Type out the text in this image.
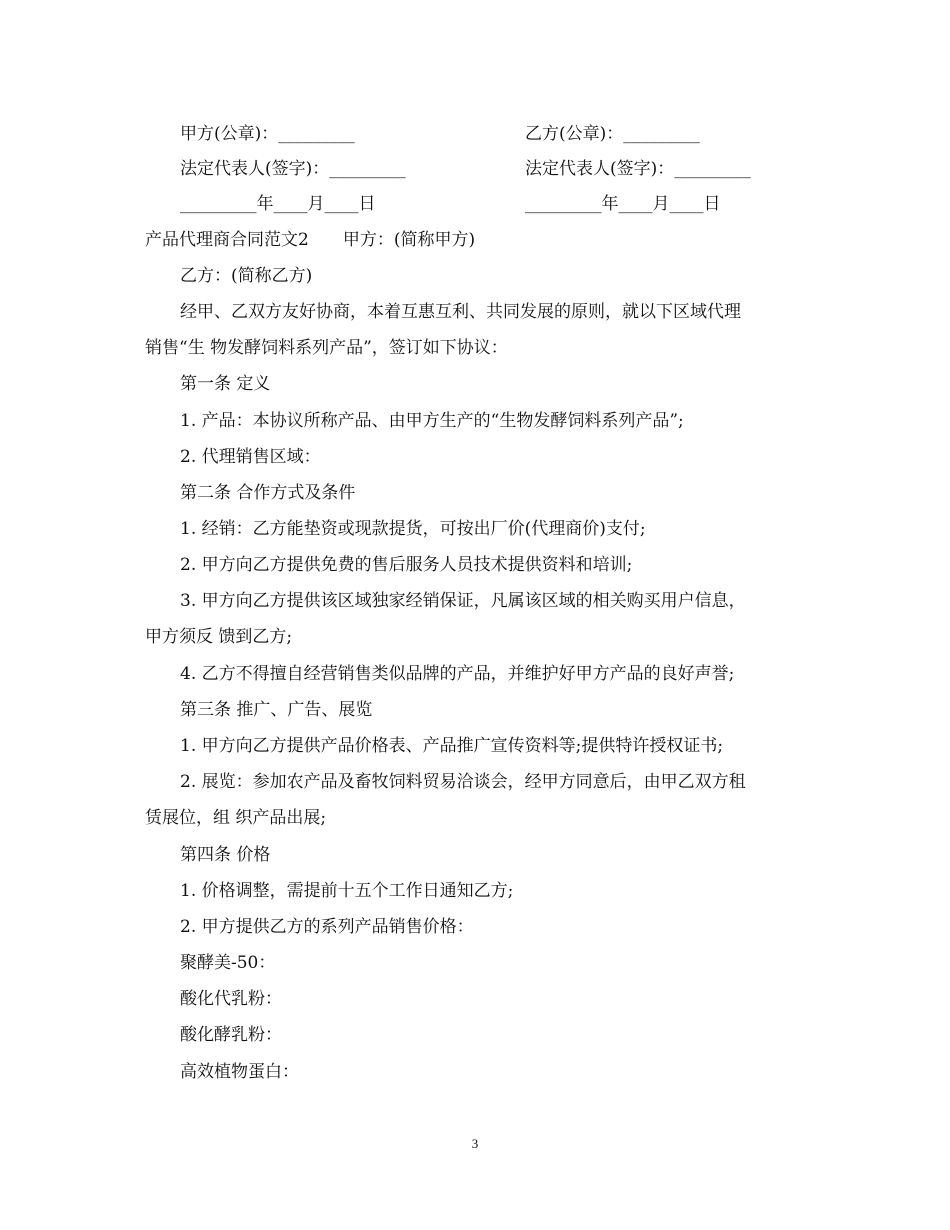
甲方(公章)：_________	乙方(公章)：_________
法定代表人(签字)：_________	法定代表人(签字)：_________
_________年____月____日	_________年____月____日
产品代理商合同范文2　　甲方：(简称甲方)
乙方：(简称乙方)
经甲、乙双方友好协商，本着互惠互利、共同发展的原则，就以下区域代理
销售“生 物发酵饲料系列产品”，签订如下协议：
第一条 定义
1. 产品：本协议所称产品、由甲方生产的“生物发酵饲料系列产品”;
2. 代理销售区域：
第二条 合作方式及条件
1. 经销：乙方能垫资或现款提货，可按出厂价(代理商价)支付;
2. 甲方向乙方提供免费的售后服务人员技术提供资料和培训;
3. 甲方向乙方提供该区域独家经销保证，凡属该区域的相关购买用户信息，
甲方须反 馈到乙方;
4. 乙方不得擅自经营销售类似品牌的产品，并维护好甲方产品的良好声誉;
第三条 推广、广告、展览
1. 甲方向乙方提供产品价格表、产品推广宣传资料等;提供特许授权证书;
2. 展览：参加农产品及畜牧饲料贸易洽谈会，经甲方同意后，由甲乙双方租
赁展位，组 织产品出展;
第四条 价格
1. 价格调整，需提前十五个工作日通知乙方;
2. 甲方提供乙方的系列产品销售价格：
聚酵美-50：
酸化代乳粉：
酸化酵乳粉：
高效植物蛋白：
3
